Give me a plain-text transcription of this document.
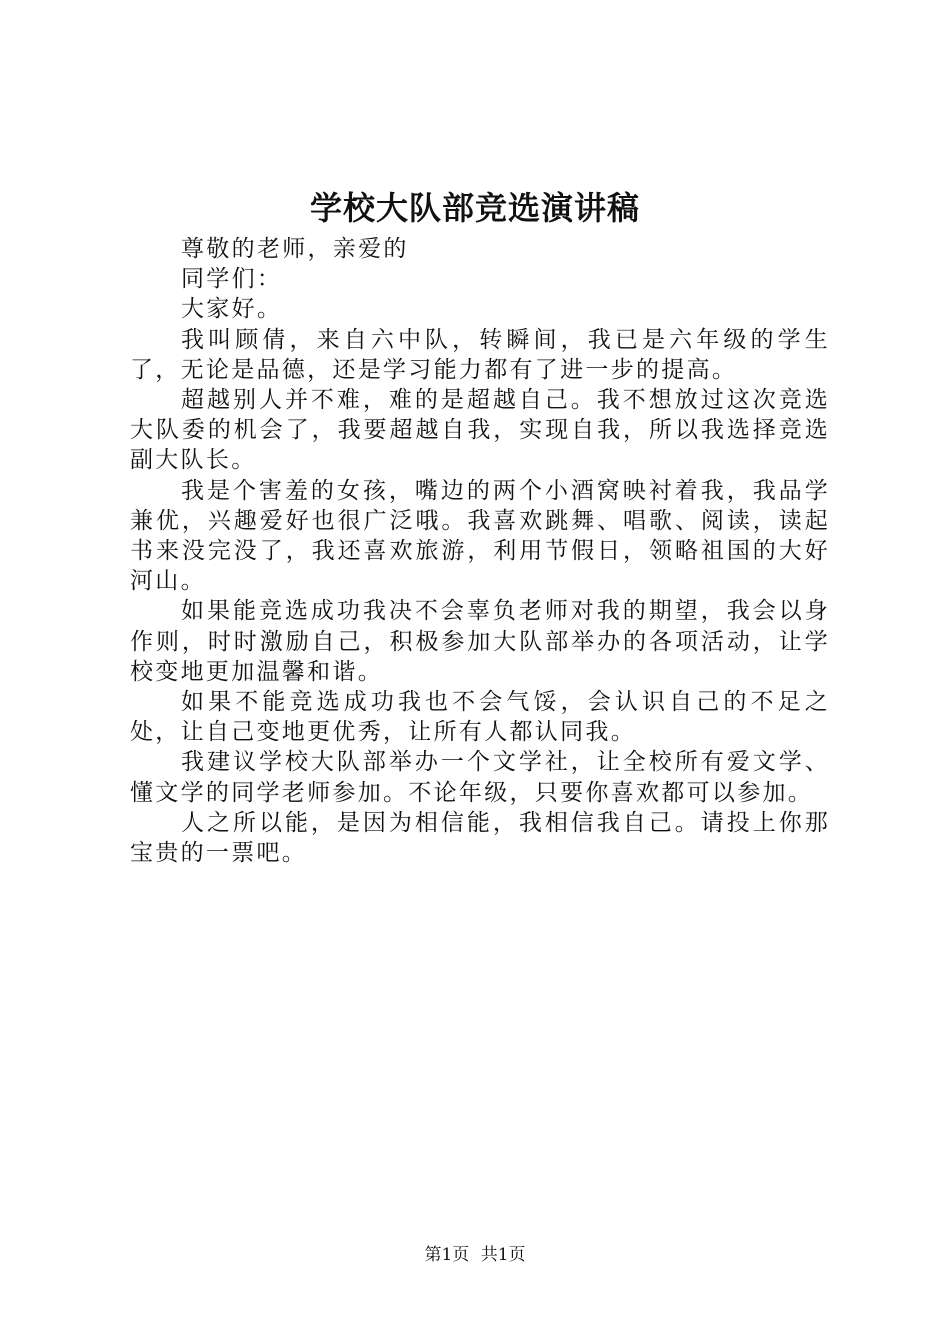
学校大队部竞选演讲稿

尊敬的老师，亲爱的

同学们：

大家好。

我叫顾倩，来自六中队，转瞬间，我已是六年级的学生了，无论是品德，还是学习能力都有了进一步的提高。

超越别人并不难，难的是超越自己。我不想放过这次竞选大队委的机会了，我要超越自我，实现自我，所以我选择竞选副大队长。

我是个害羞的女孩，嘴边的两个小酒窝映衬着我，我品学兼优，兴趣爱好也很广泛哦。我喜欢跳舞、唱歌、阅读，读起书来没完没了，我还喜欢旅游，利用节假日，领略祖国的大好河山。

如果能竞选成功我决不会辜负老师对我的期望，我会以身作则，时时激励自己，积极参加大队部举办的各项活动，让学校变地更加温馨和谐。

如果不能竞选成功我也不会气馁，会认识自己的不足之处，让自己变地更优秀，让所有人都认同我。

我建议学校大队部举办一个文学社，让全校所有爱文学、懂文学的同学老师参加。不论年级，只要你喜欢都可以参加。

人之所以能，是因为相信能，我相信我自己。请投上你那宝贵的一票吧。

第1页 共1页
